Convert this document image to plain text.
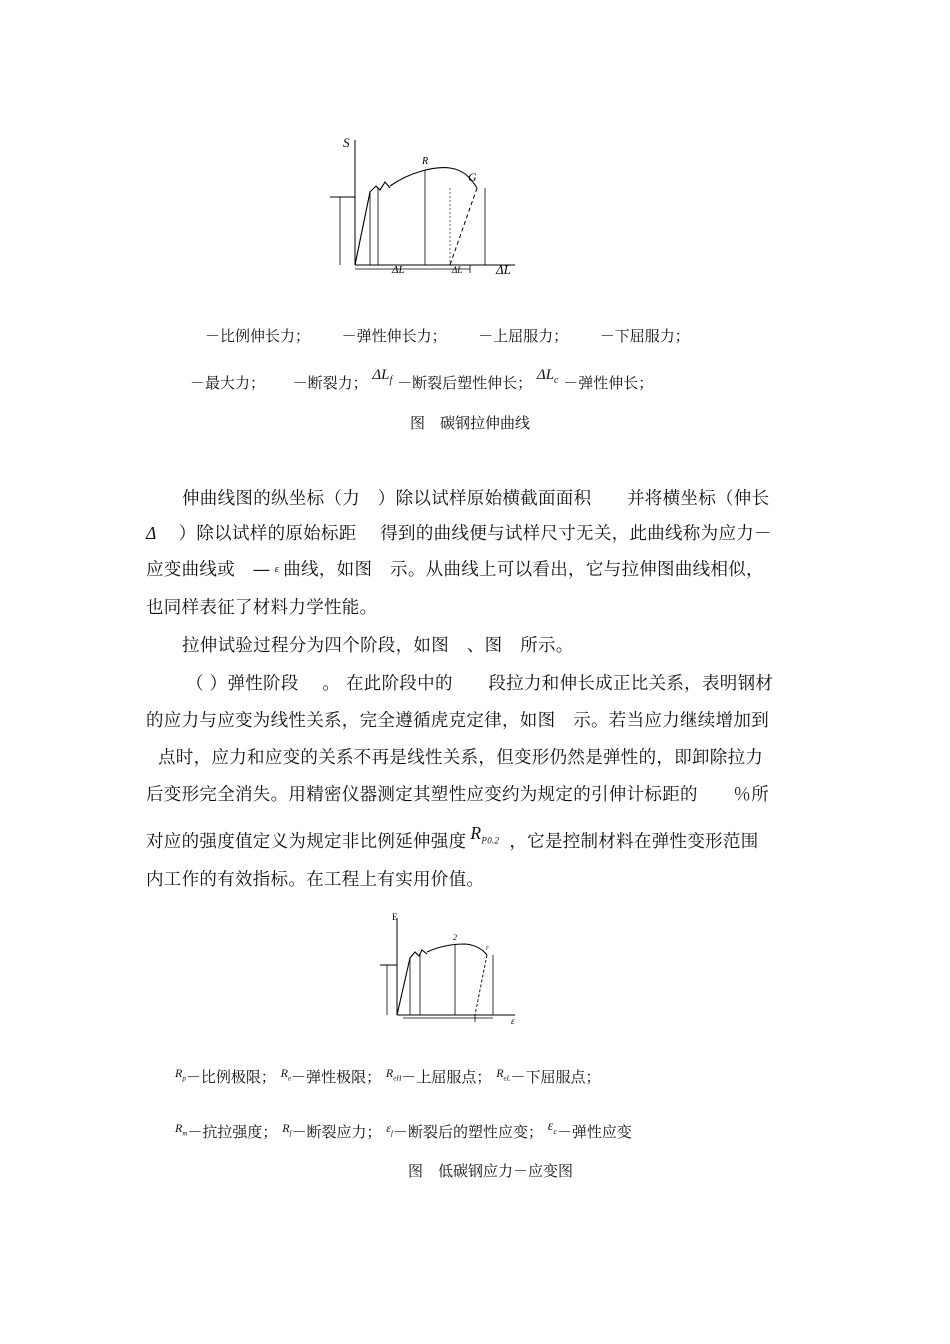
S
R
G
ΔL	ΔL	ΔL
－比例伸长力； －弹性伸长力； －上屈服力； －下屈服力；
－最大力； －断裂力； $\Delta L_f$ －断裂后塑性伸长； $\Delta L_c$ －弹性伸长；
图　碳钢拉伸曲线
伸曲线图的纵坐标（力　）除以试样原始横截面面积　　并将横坐标（伸长
Δ ）除以试样的原始标距　 得到的曲线便与试样尺寸无关，此曲线称为应力－
应变曲线或　— ε 曲线，如图　示。从曲线上可以看出，它与拉伸图曲线相似，
也同样表征了材料力学性能。
拉伸试验过程分为四个阶段，如图　、图　所示。
（ ）弹性阶段　 。 在此阶段中的　　段拉力和伸长成正比关系，表明钢材
的应力与应变为线性关系，完全遵循虎克定律，如图　示。若当应力继续增加到
点时，应力和应变的关系不再是线性关系，但变形仍然是弹性的，即卸除拉力
后变形完全消失。用精密仪器测定其塑性应变约为规定的引伸计标距的　　％所
对应的强度值定义为规定非比例延伸强度 $R_{P0.2}$ ，它是控制材料在弹性变形范围
内工作的有效指标。在工程上有实用价值。
E
2
r
ε
$^{R_p}$－比例极限； $^{R_e}$－弹性极限； $^{R_{eH}}$－上屈服点； $^{R_{eL}}$－下屈服点；
$^{R_m}$－抗拉强度； $^{R_f}$－断裂应力； $^{\varepsilon_f}$－断裂后的塑性应变； $\varepsilon_c-$弹性应变
图　低碳钢应力－应变图
